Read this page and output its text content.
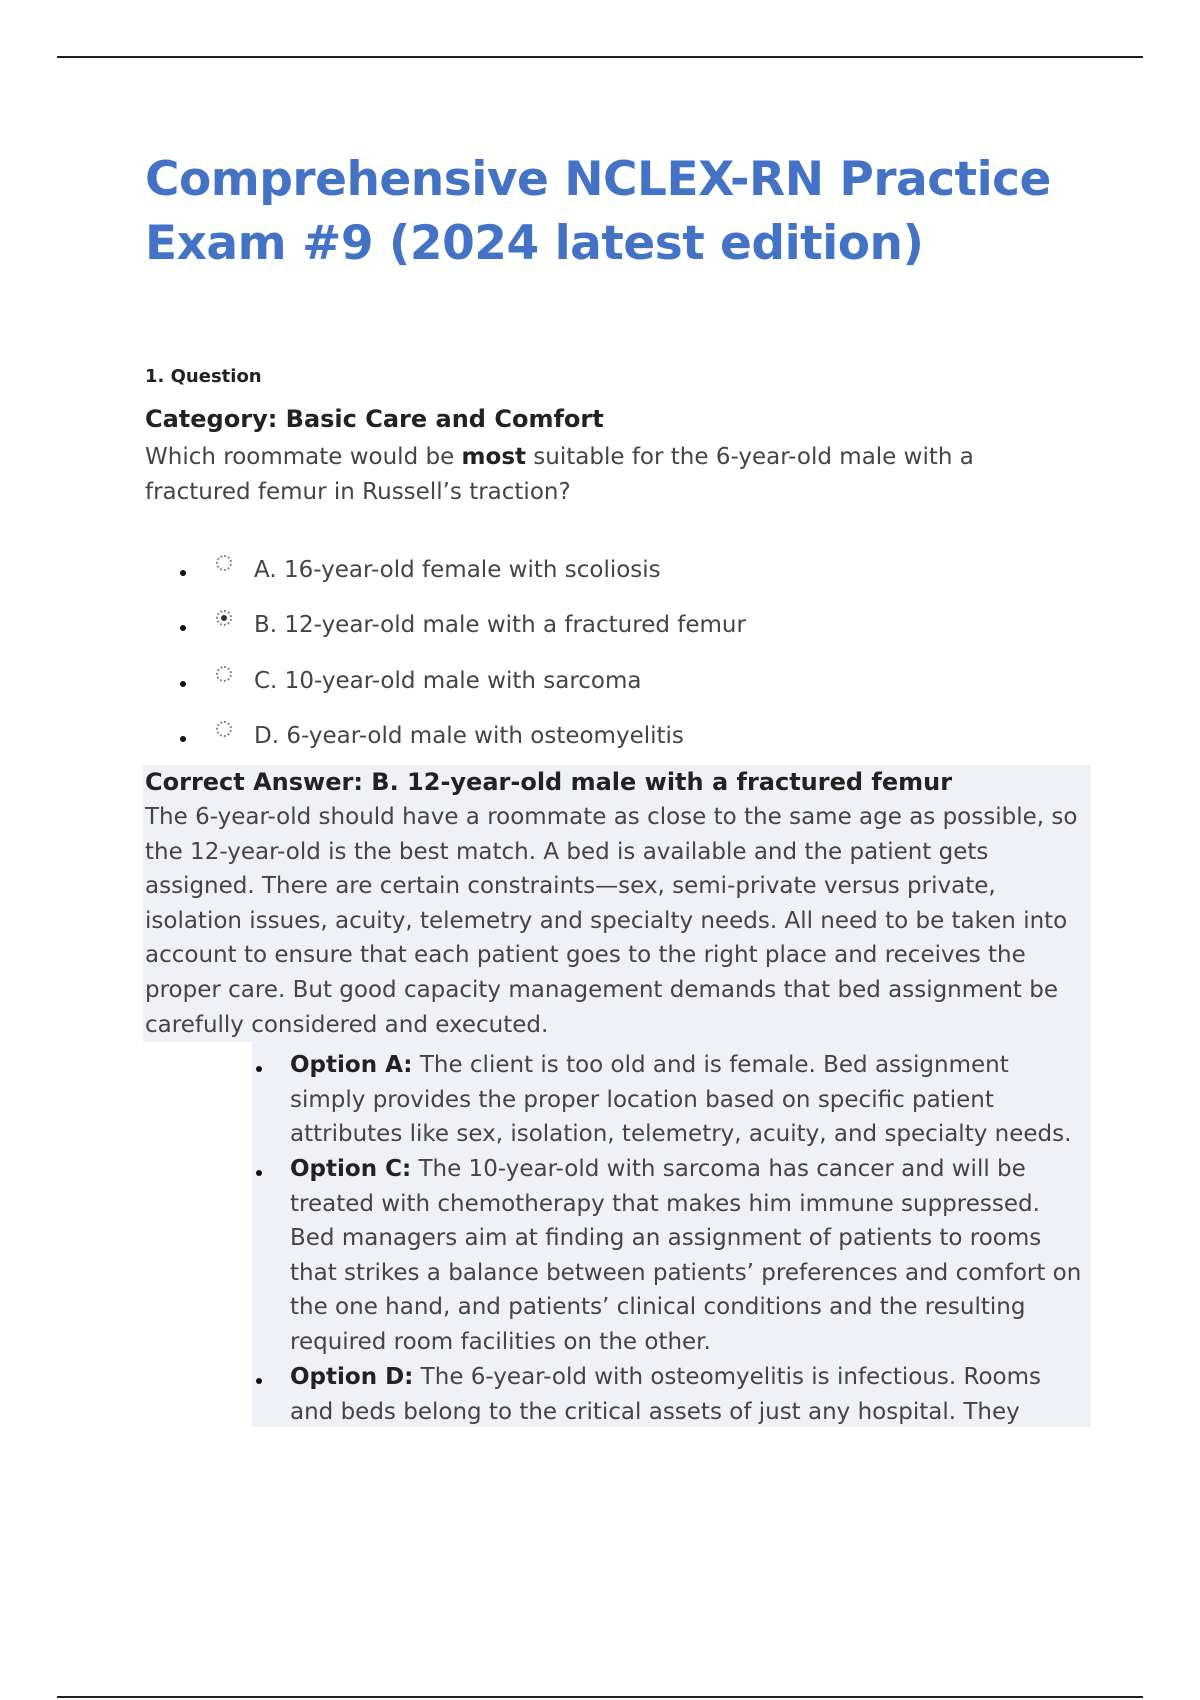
Comprehensive NCLEX-RN Practice Exam #9 (2024 latest edition)
1. Question
Category: Basic Care and Comfort
Which roommate would be most suitable for the 6-year-old male with a fractured femur in Russell’s traction?
A. 16-year-old female with scoliosis
B. 12-year-old male with a fractured femur
C. 10-year-old male with sarcoma
D. 6-year-old male with osteomyelitis
Correct Answer: B. 12-year-old male with a fractured femur
The 6-year-old should have a roommate as close to the same age as possible, so the 12-year-old is the best match. A bed is available and the patient gets assigned. There are certain constraints—sex, semi-private versus private, isolation issues, acuity, telemetry and specialty needs. All need to be taken into account to ensure that each patient goes to the right place and receives the proper care. But good capacity management demands that bed assignment be carefully considered and executed.
Option A: The client is too old and is female. Bed assignment simply provides the proper location based on specific patient attributes like sex, isolation, telemetry, acuity, and specialty needs.
Option C: The 10-year-old with sarcoma has cancer and will be treated with chemotherapy that makes him immune suppressed. Bed managers aim at finding an assignment of patients to rooms that strikes a balance between patients’ preferences and comfort on the one hand, and patients’ clinical conditions and the resulting required room facilities on the other.
Option D: The 6-year-old with osteomyelitis is infectious. Rooms and beds belong to the critical assets of just any hospital. They
